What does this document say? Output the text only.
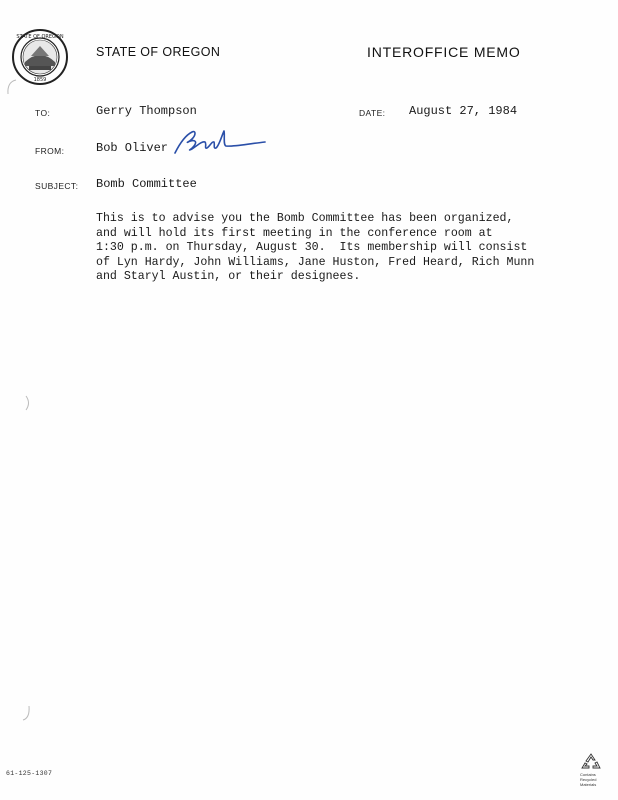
STATE OF OREGON
1859
STATE OF OREGON	INTEROFFICE MEMO
TO:	Gerry Thompson	DATE: August 27, 1984
FROM:	Bob Oliver
SUBJECT: Bomb Committee
This is to advise you the Bomb Committee has been organized,
and will hold its first meeting in the conference room at
1:30 p.m. on Thursday, August 30.  Its membership will consist
of Lyn Hardy, John Williams, Jane Huston, Fred Heard, Rich Munn
and Staryl Austin, or their designees.
61-125-1307	Contains
Recycled
Materials
